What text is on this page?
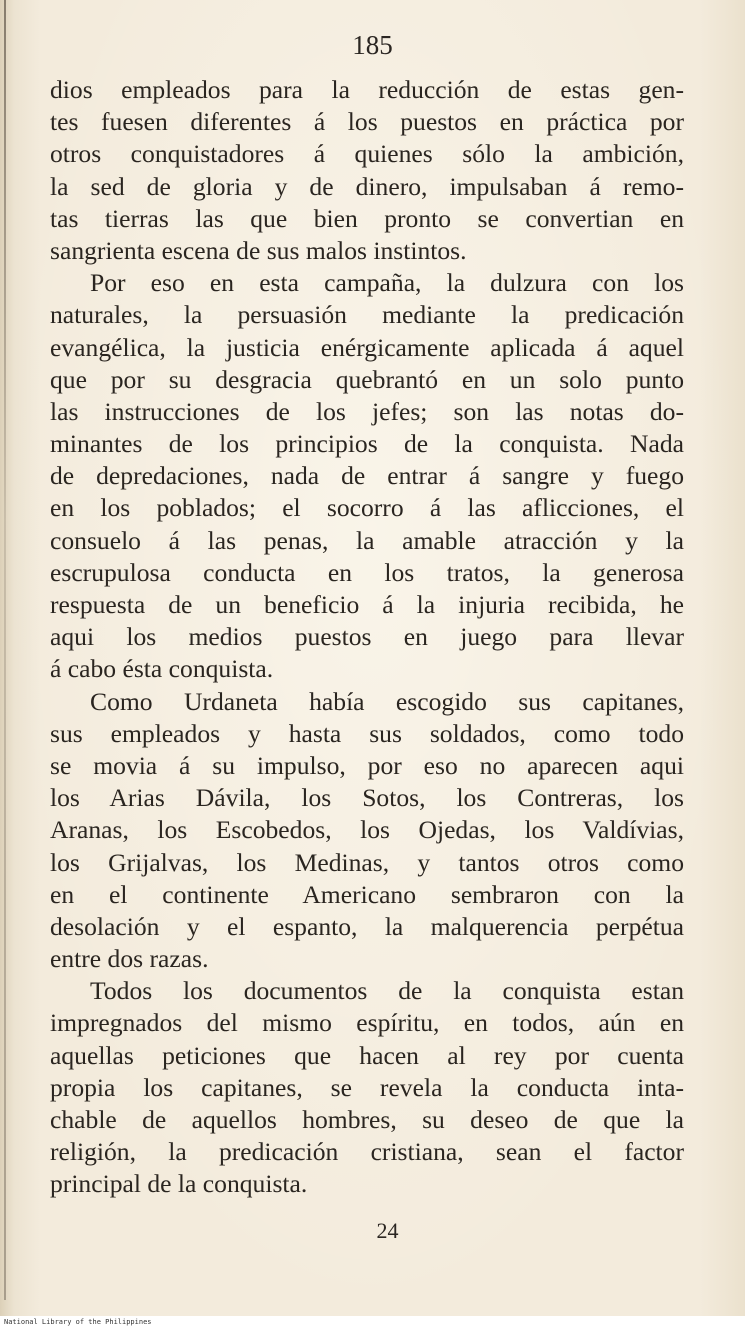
185
dios empleados para la reducción de estas gen-
tes fuesen diferentes á los puestos en práctica por
otros conquistadores á quienes sólo la ambición,
la sed de gloria y de dinero, impulsaban á remo-
tas tierras las que bien pronto se convertian en
sangrienta escena de sus malos instintos.
Por eso en esta campaña, la dulzura con los
naturales, la persuasión mediante la predicación
evangélica, la justicia enérgicamente aplicada á aquel
que por su desgracia quebrantó en un solo punto
las instrucciones de los jefes; son las notas do-
minantes de los principios de la conquista. Nada
de depredaciones, nada de entrar á sangre y fuego
en los poblados; el socorro á las aflicciones, el
consuelo á las penas, la amable atracción y la
escrupulosa conducta en los tratos, la generosa
respuesta de un beneficio á la injuria recibida, he
aqui los medios puestos en juego para llevar
á cabo ésta conquista.
Como Urdaneta había escogido sus capitanes,
sus empleados y hasta sus soldados, como todo
se movia á su impulso, por eso no aparecen aqui
los Arias Dávila, los Sotos, los Contreras, los
Aranas, los Escobedos, los Ojedas, los Valdívias,
los Grijalvas, los Medinas, y tantos otros como
en el continente Americano sembraron con la
desolación y el espanto, la malquerencia perpétua
entre dos razas.
Todos los documentos de la conquista estan
impregnados del mismo espíritu, en todos, aún en
aquellas peticiones que hacen al rey por cuenta
propia los capitanes, se revela la conducta inta-
chable de aquellos hombres, su deseo de que la
religión, la predicación cristiana, sean el factor
principal de la conquista.
24
National Library of the Philippines
